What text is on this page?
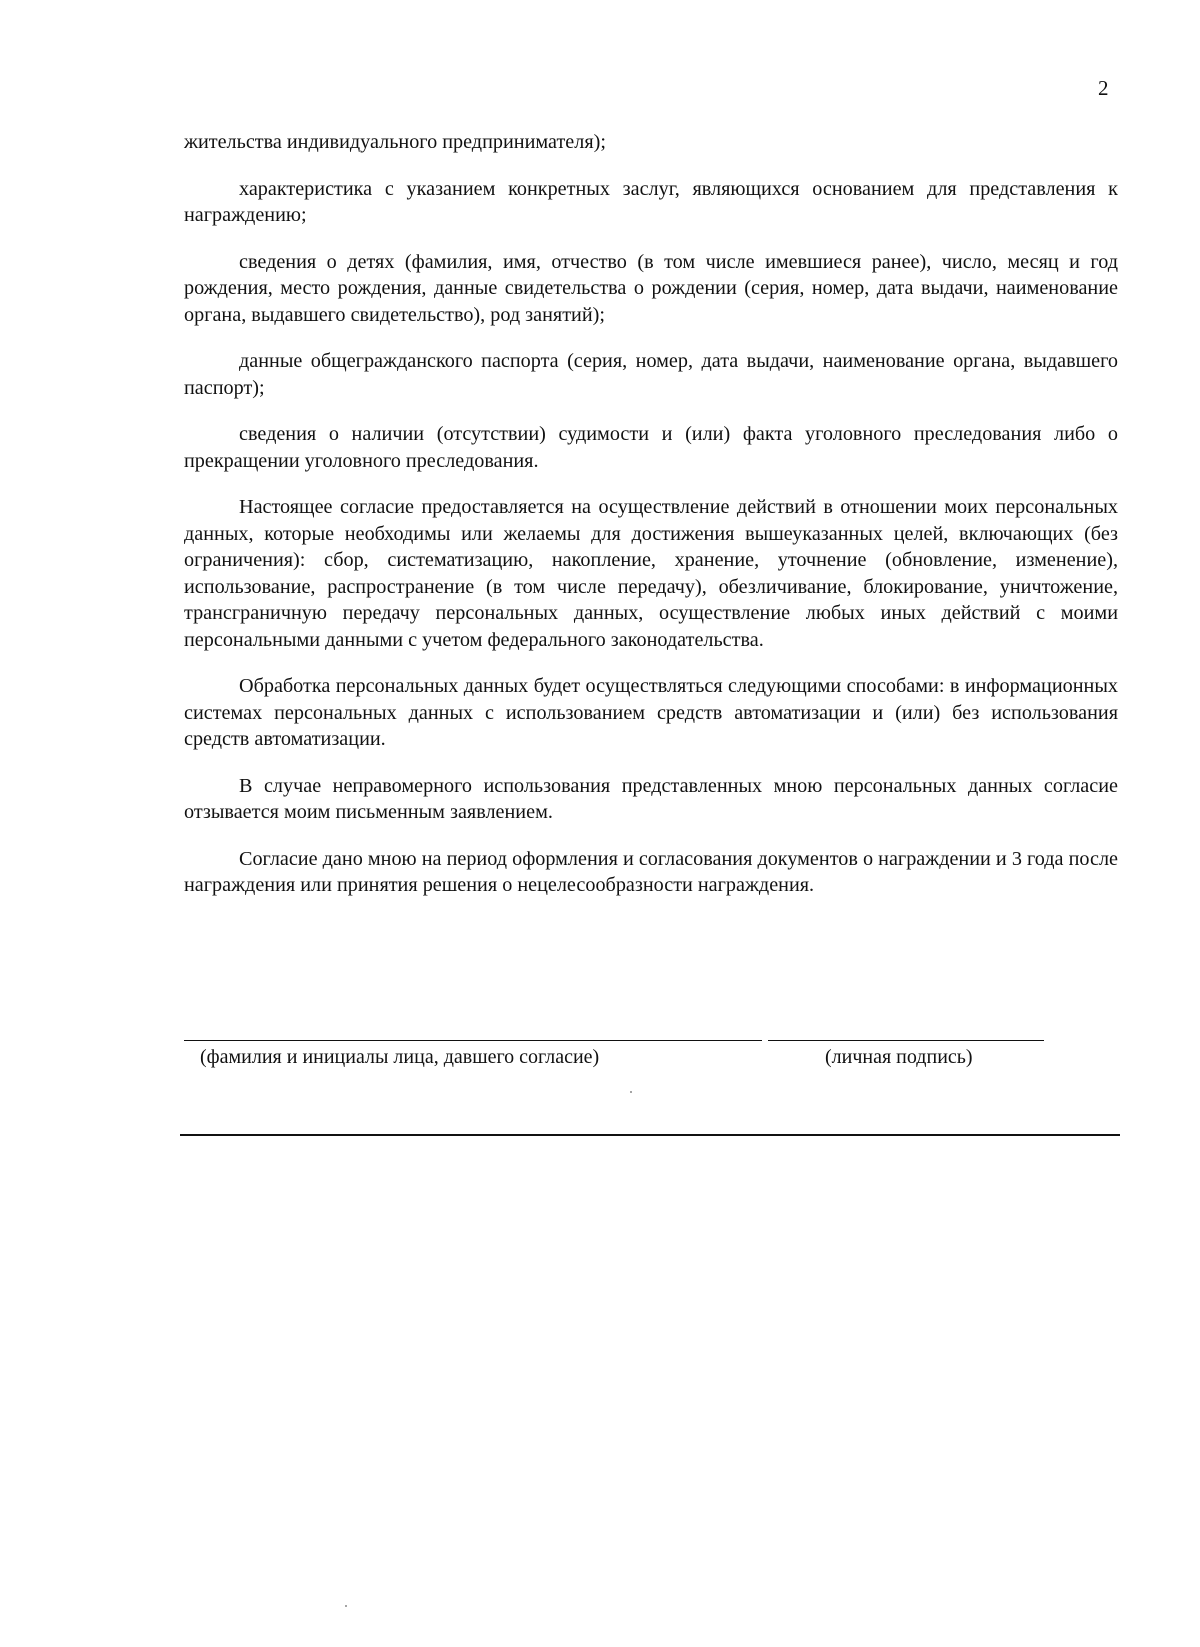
2

жительства индивидуального предпринимателя);

характеристика с указанием конкретных заслуг, являющихся основанием для представления к награждению;

сведения о детях (фамилия, имя, отчество (в том числе имевшиеся ранее), число, месяц и год рождения, место рождения, данные свидетельства о рождении (серия, номер, дата выдачи, наименование органа, выдавшего свидетельство), род занятий);

данные общегражданского паспорта (серия, номер, дата выдачи, наименование органа, выдавшего паспорт);

сведения о наличии (отсутствии) судимости и (или) факта уголовного преследования либо о прекращении уголовного преследования.

Настоящее согласие предоставляется на осуществление действий в отношении моих персональных данных, которые необходимы или желаемы для достижения вышеуказанных целей, включающих (без ограничения): сбор, систематизацию, накопление, хранение, уточнение (обновление, изменение), использование, распространение (в том числе передачу), обезличивание, блокирование, уничтожение, трансграничную передачу персональных данных, осуществление любых иных действий с моими персональными данными с учетом федерального законодательства.

Обработка персональных данных будет осуществляться следующими способами: в информационных системах персональных данных с использованием средств автоматизации и (или) без использования средств автоматизации.

В случае неправомерного использования представленных мною персональных данных согласие отзывается моим письменным заявлением.

Согласие дано мною на период оформления и согласования документов о награждении и 3 года после награждения или принятия решения о нецелесообразности награждения.

(фамилия и инициалы лица, давшего согласие)	(личная подпись)
